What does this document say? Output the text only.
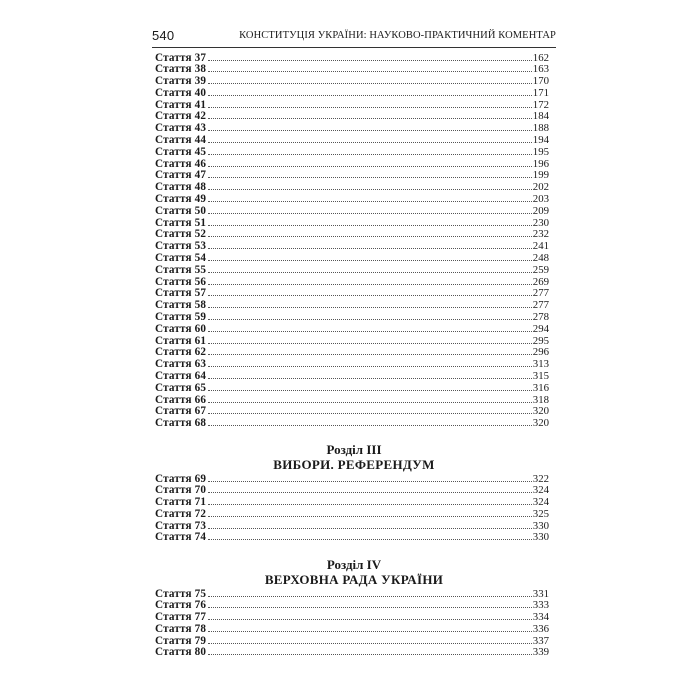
540	КОНСТИТУЦІЯ УКРАЇНИ: НАУКОВО-ПРАКТИЧНИЙ КОМЕНТАР
Стаття 37	162
Стаття 38	163
Стаття 39	170
Стаття 40	171
Стаття 41	172
Стаття 42	184
Стаття 43	188
Стаття 44	194
Стаття 45	195
Стаття 46	196
Стаття 47	199
Стаття 48	202
Стаття 49	203
Стаття 50	209
Стаття 51	230
Стаття 52	232
Стаття 53	241
Стаття 54	248
Стаття 55	259
Стаття 56	269
Стаття 57	277
Стаття 58	277
Стаття 59	278
Стаття 60	294
Стаття 61	295
Стаття 62	296
Стаття 63	313
Стаття 64	315
Стаття 65	316
Стаття 66	318
Стаття 67	320
Стаття 68	320
Розділ III
ВИБОРИ. РЕФЕРЕНДУМ
Стаття 69	322
Стаття 70	324
Стаття 71	324
Стаття 72	325
Стаття 73	330
Стаття 74	330
Розділ IV
ВЕРХОВНА РАДА УКРАЇНИ
Стаття 75	331
Стаття 76	333
Стаття 77	334
Стаття 78	336
Стаття 79	337
Стаття 80	339
